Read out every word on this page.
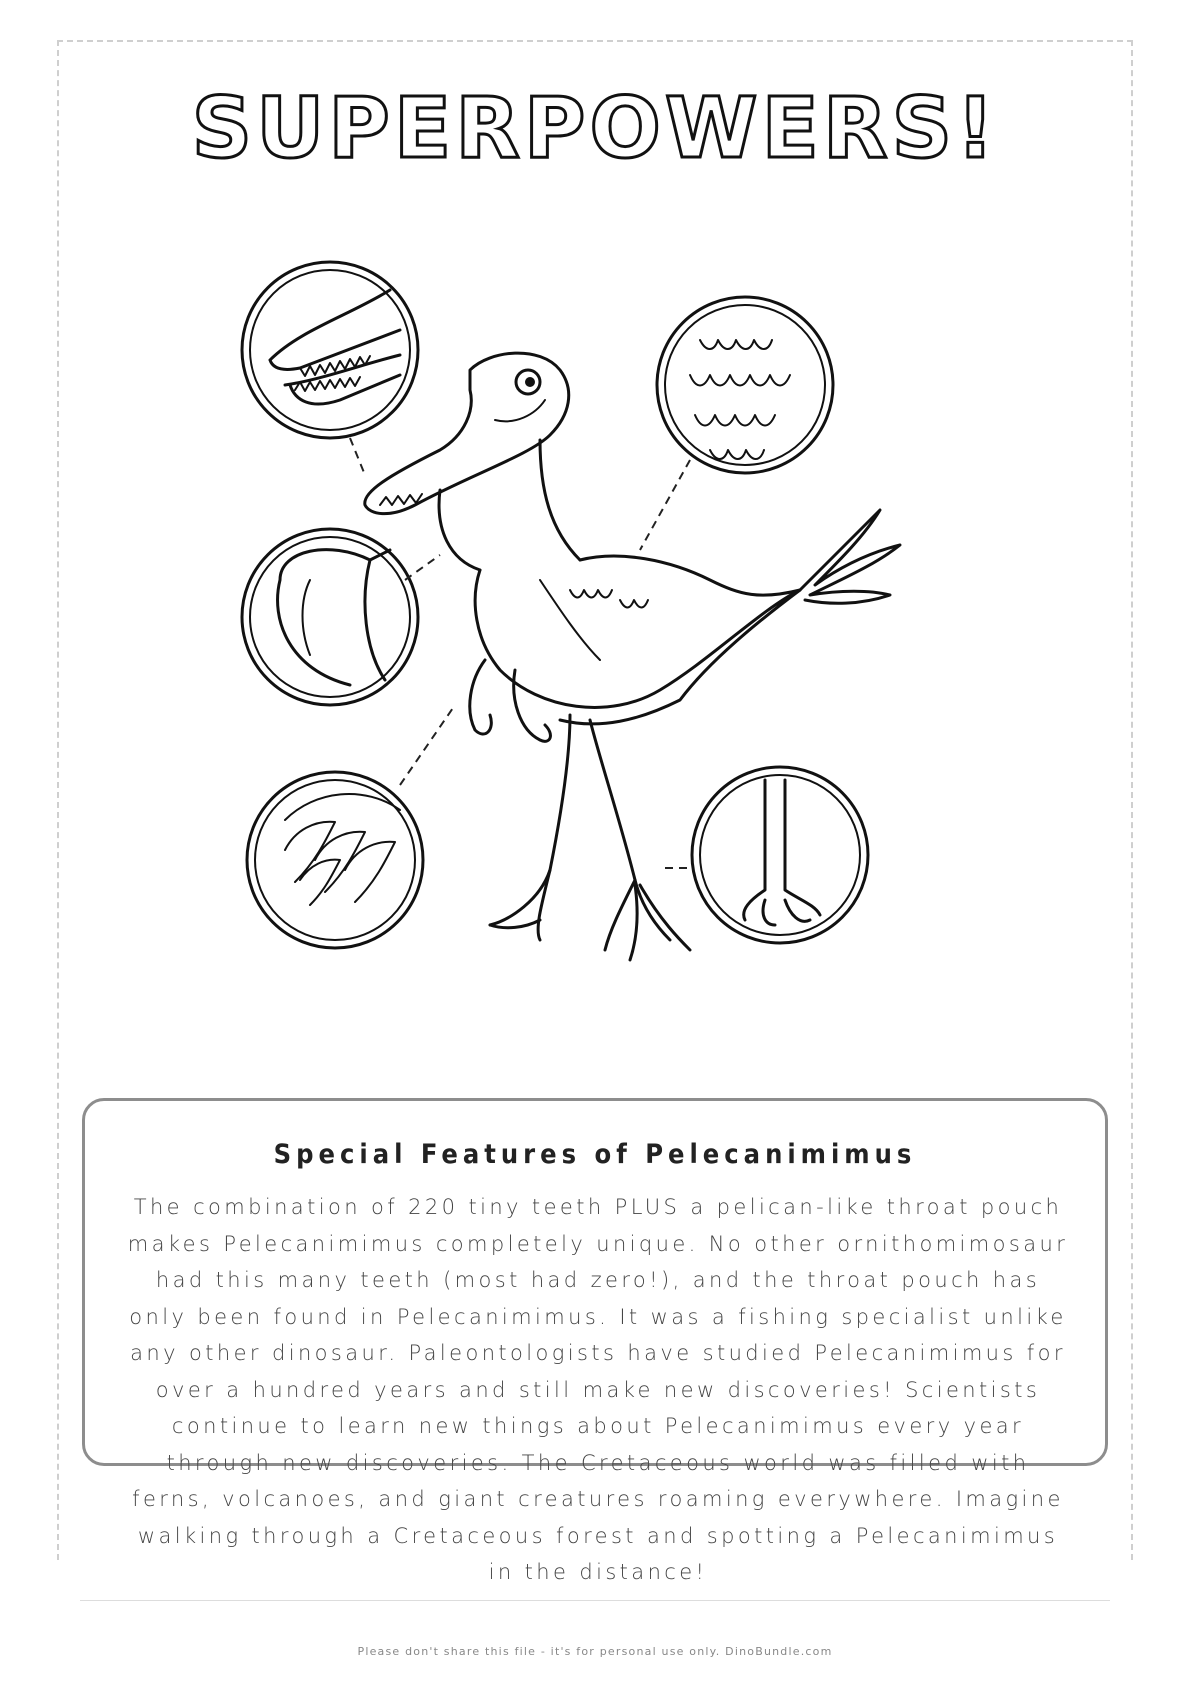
SUPERPOWERS!
Special Features of Pelecanimimus
The combination of 220 tiny teeth PLUS a pelican-like throat pouch makes Pelecanimimus completely unique. No other ornithomimosaur had this many teeth (most had zero!), and the throat pouch has only been found in Pelecanimimus. It was a fishing specialist unlike any other dinosaur. Paleontologists have studied Pelecanimimus for over a hundred years and still make new discoveries! Scientists continue to learn new things about Pelecanimimus every year through new discoveries. The Cretaceous world was filled with ferns, volcanoes, and giant creatures roaming everywhere. Imagine walking through a Cretaceous forest and spotting a Pelecanimimus in the distance!
Please don't share this file - it's for personal use only. DinoBundle.com
